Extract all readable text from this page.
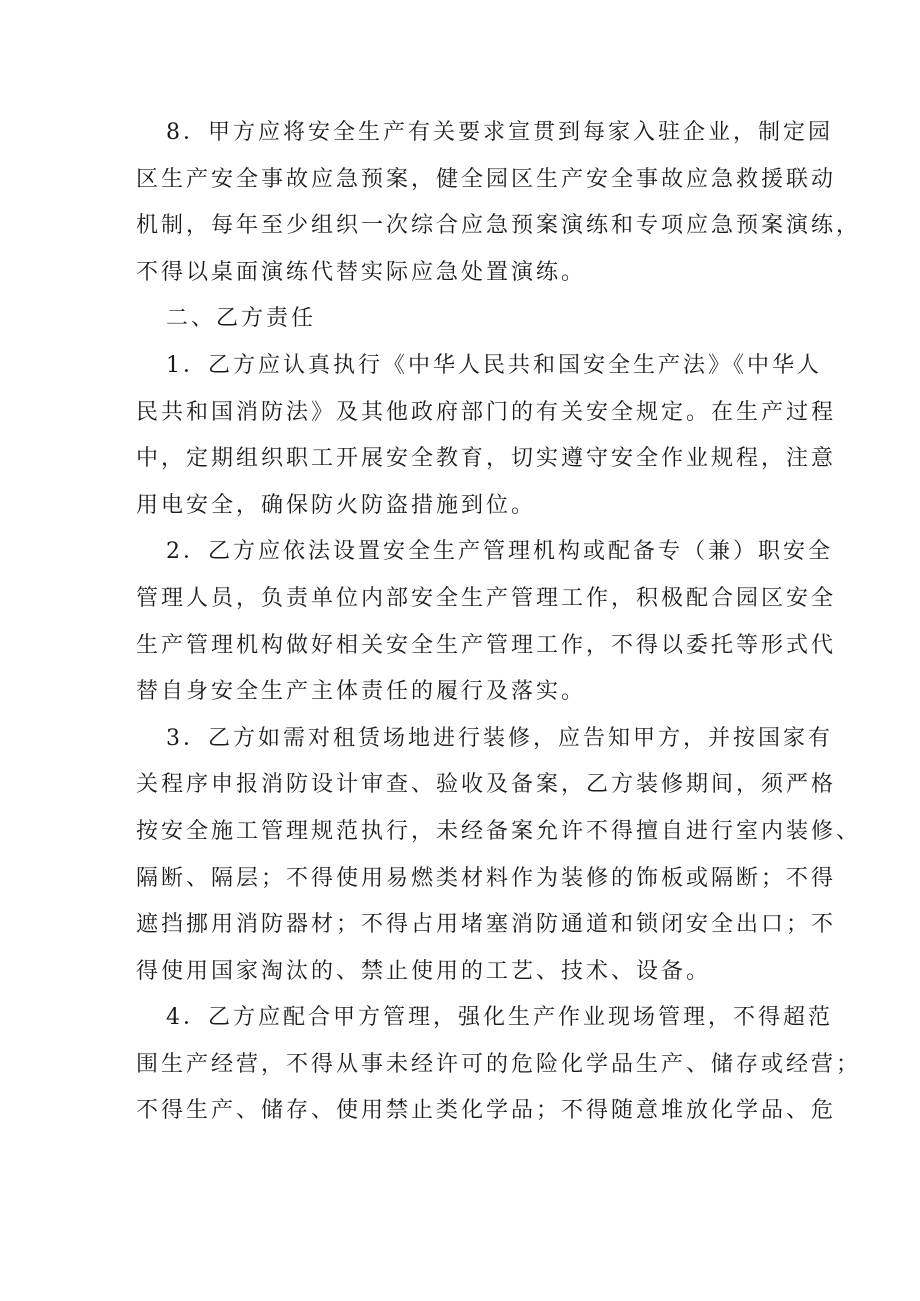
8．甲方应将安全生产有关要求宣贯到每家入驻企业，制定园
区生产安全事故应急预案，健全园区生产安全事故应急救援联动
机制，每年至少组织一次综合应急预案演练和专项应急预案演练，
不得以桌面演练代替实际应急处置演练。
二、乙方责任
1．乙方应认真执行《中华人民共和国安全生产法》《中华人
民共和国消防法》及其他政府部门的有关安全规定。在生产过程
中，定期组织职工开展安全教育，切实遵守安全作业规程，注意
用电安全，确保防火防盗措施到位。
2．乙方应依法设置安全生产管理机构或配备专（兼）职安全
管理人员，负责单位内部安全生产管理工作，积极配合园区安全
生产管理机构做好相关安全生产管理工作，不得以委托等形式代
替自身安全生产主体责任的履行及落实。
3．乙方如需对租赁场地进行装修，应告知甲方，并按国家有
关程序申报消防设计审查、验收及备案，乙方装修期间，须严格
按安全施工管理规范执行，未经备案允许不得擅自进行室内装修、
隔断、隔层；不得使用易燃类材料作为装修的饰板或隔断；不得
遮挡挪用消防器材；不得占用堵塞消防通道和锁闭安全出口；不
得使用国家淘汰的、禁止使用的工艺、技术、设备。
4．乙方应配合甲方管理，强化生产作业现场管理，不得超范
围生产经营，不得从事未经许可的危险化学品生产、储存或经营；
不得生产、储存、使用禁止类化学品；不得随意堆放化学品、危
